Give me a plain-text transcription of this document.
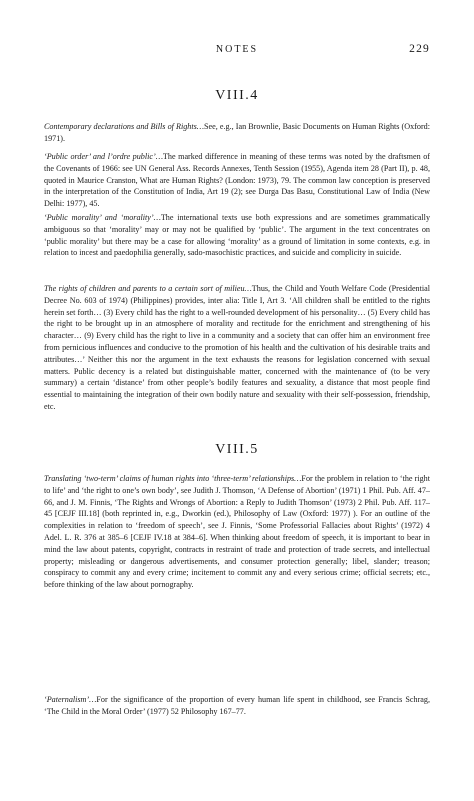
NOTES	229
VIII.4

Contemporary declarations and Bills of Rights…See, e.g., Ian Brownlie, Basic Documents on Human Rights (Oxford: 1971).

‘Public order’ and l’ordre public’…The marked difference in meaning of these terms was noted by the draftsmen of the Covenants of 1966: see UN General Ass. Records Annexes, Tenth Session (1955), Agenda item 28 (Part II), p. 48, quoted in Maurice Cranston, What are Human Rights? (London: 1973), 79. The common law conception is preserved in the interpretation of the Constitution of India, Art 19 (2); see Durga Das Basu, Constitutional Law of India (New Delhi: 1977), 45.

‘Public morality’ and ‘morality’…The international texts use both expressions and are sometimes grammatically ambiguous so that ‘morality’ may or may not be qualified by ‘public’. The argument in the text concentrates on ‘public morality’ but there may be a case for allowing ‘morality’ as a ground of limitation in some contexts, e.g. in relation to incest and paedophilia generally, sado-masochistic practices, and suicide and complicity in suicide.

The rights of children and parents to a certain sort of milieu…Thus, the Child and Youth Welfare Code (Presidential Decree No. 603 of 1974) (Philippines) provides, inter alia: Title I, Art 3. ‘All children shall be entitled to the rights herein set forth… (3) Every child has the right to a well-rounded development of his personality… (5) Every child has the right to be brought up in an atmosphere of morality and rectitude for the enrichment and strengthening of his character… (9) Every child has the right to live in a community and a society that can offer him an environment free from pernicious influences and conducive to the promotion of his health and the cultivation of his desirable traits and attributes…’ Neither this nor the argument in the text exhausts the reasons for legislation concerned with sexual matters. Public decency is a related but distinguishable matter, concerned with the maintenance of (to be very summary) a certain ‘distance’ from other people’s bodily features and sexuality, a distance that most people find essential to maintaining the integration of their own bodily nature and sexuality with their self-possession, friendship, etc.

VIII.5

Translating ‘two-term’ claims of human rights into ‘three-term’ relationships…For the problem in relation to ‘the right to life’ and ‘the right to one’s own body’, see Judith J. Thomson, ‘A Defense of Abortion’ (1971) 1 Phil. Pub. Aff. 47–66, and J. M. Finnis, ‘The Rights and Wrongs of Abortion: a Reply to Judith Thomson’ (1973) 2 Phil. Pub. Aff. 117–45 [CEJF III.18] (both reprinted in, e.g., Dworkin (ed.), Philosophy of Law (Oxford: 1977) ). For an outline of the complexities in relation to ‘freedom of speech’, see J. Finnis, ‘Some Professorial Fallacies about Rights’ (1972) 4 Adel. L. R. 376 at 385–6 [CEJF IV.18 at 384–6]. When thinking about freedom of speech, it is important to bear in mind the law about patents, copyright, contracts in restraint of trade and protection of trade secrets, and intellectual property; misleading or dangerous advertisements, and consumer protection generally; libel, slander; treason; conspiracy to commit any and every crime; incitement to commit any and every serious crime; official secrets; etc., before thinking of the law about pornography.

‘Paternalism’…For the significance of the proportion of every human life spent in childhood, see Francis Schrag, ‘The Child in the Moral Order’ (1977) 52 Philosophy 167–77.
